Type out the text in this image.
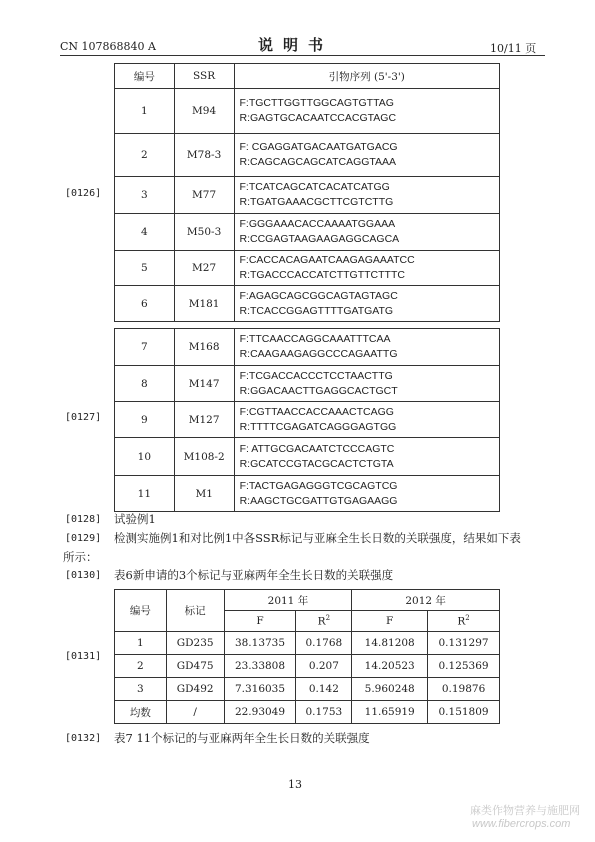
CN 107868840 A	说明书	10/11 页
[0126]
[0127]
[0128]
[0129]
[0130]
[0131]
[0132]
编号	SSR	引物序列 (5'-3')
1	M94	F:TGCTTGGTTGGCAGTGTTAG
R:GAGTGCACAATCCACGTAGC

2	M78-3	F: CGAGGATGACAATGATGACG
R:CAGCAGCAGCATCAGGTAAA

3	M77	F:TCATCAGCATCACATCATGG
R:TGATGAAACGCTTCGTCTTG

4	M50-3	F:GGGAAACACCAAAATGGAAA
R:CCGAGTAAGAAGAGGCAGCA

5	M27	F:CACCACAGAATCAAGAGAAATCC
R:TGACCCACCATCTTGTTCTTTC

6	M181	F:AGAGCAGCGGCAGTAGTAGC
R:TCACCGGAGTTTTGATGATG
7	M168	F:TTCAACCAGGCAAATTTCAA
R:CAAGAAGAGGCCCAGAATTG

8	M147	F:TCGACCACCCTCCTAACTTG
R:GGACAACTTGAGGCACTGCT

9	M127	F:CGTTAACCACCAAACTCAGG
R:TTTTCGAGATCAGGGAGTGG

10	M108-2	F: ATTGCGACAATCTCCCAGTC
R:GCATCCGTACGCACTCTGTA

11	M1	F:TACTGAGAGGGTCGCAGTCG
R:AAGCTGCGATTGTGAGAAGG
试验例1
检测实施例1和对比例1中各SSR标记与亚麻全生长日数的关联强度，结果如下表
所示：
表6新申请的3个标记与亚麻两年全生长日数的关联强度
编号	标记	2011 年		2012 年	
		F	$R^2$	F	$R^2$
1	GD235	38.13735	0.1768	14.81208	0.131297
2	GD475	23.33808	0.207	14.20523	0.125369
3	GD492	7.316035	0.142	5.960248	0.19876
均数	/	22.93049	0.1753	11.65919	0.151809
表7 11个标记的与亚麻两年全生长日数的关联强度
13
麻类作物营养与施肥网
www.fibercrops.com
